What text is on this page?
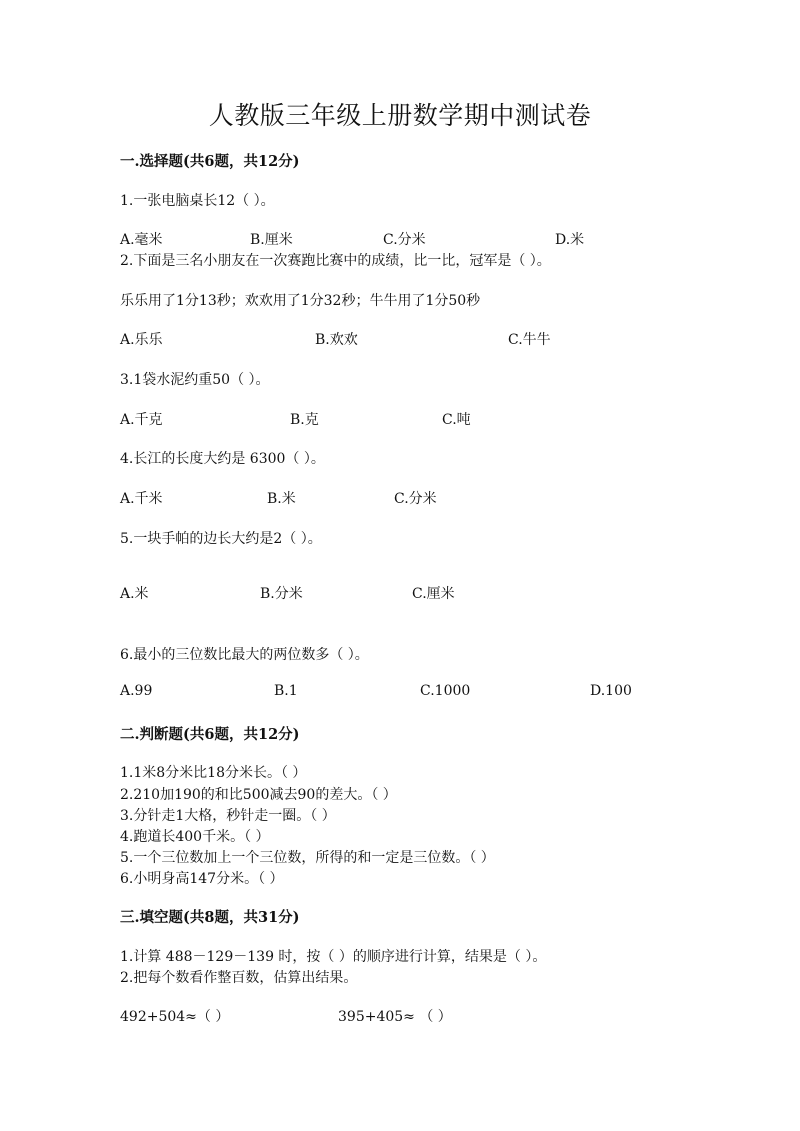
人教版三年级上册数学期中测试卷
一.选择题(共6题，共12分)
1.一张电脑桌长12（ ）。
A.毫米	B.厘米	C.分米	D.米
2.下面是三名小朋友在一次赛跑比赛中的成绩，比一比，冠军是（ ）。
乐乐用了1分13秒；欢欢用了1分32秒；牛牛用了1分50秒
A.乐乐	B.欢欢	C.牛牛
3.1袋水泥约重50（ ）。
A.千克	B.克	C.吨
4.长江的长度大约是 6300（ ）。
A.千米	B.米	C.分米
5.一块手帕的边长大约是2（ ）。
A.米	B.分米	C.厘米
6.最小的三位数比最大的两位数多（ ）。
A.99	B.1	C.1000	D.100
二.判断题(共6题，共12分)
1.1米8分米比18分米长。（ ）
2.210加190的和比500减去90的差大。（ ）
3.分针走1大格，秒针走一圈。（ ）
4.跑道长400千米。（ ）
5.一个三位数加上一个三位数，所得的和一定是三位数。（ ）
6.小明身高147分米。（ ）
三.填空题(共8题，共31分)
1.计算 488－129－139 时，按（ ）的顺序进行计算，结果是（ ）。
2.把每个数看作整百数，估算出结果。
492+504≈（ ）	395+405≈ （ ）
